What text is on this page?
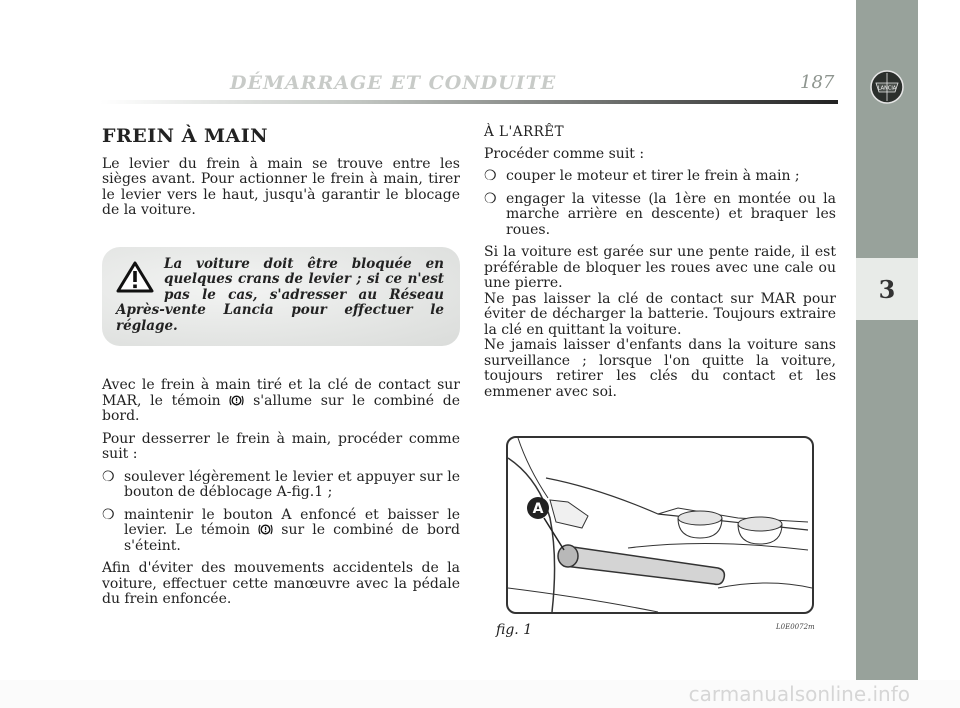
LANCIA
3
DÉMARRAGE ET CONDUITE	187
FREIN À MAIN

Le levier du frein à main se trouve entre les sièges avant. Pour actionner le frein à main, tirer le levier vers le haut, jusqu'à garantir le blocage de la voiture.

La voiture doit être bloquée en quelques crans de levier ; si ce n'est pas le cas, s'adresser au Réseau Après-vente Lancia pour effectuer le réglage.

Avec le frein à main tiré et la clé de contact sur MAR, le témoin s'allume sur le combiné de bord.

Pour desserrer le frein à main, procéder comme suit :

❍ soulever légèrement le levier et appuyer sur le bouton de déblocage A-fig.1 ;
❍ maintenir le bouton A enfoncé et baisser le levier. Le témoin sur le combiné de bord s'éteint.

Afin d'éviter des mouvements accidentels de la voiture, effectuer cette manœuvre avec la pédale du frein enfoncée.

À L'ARRÊT

Procéder comme suit :

❍ couper le moteur et tirer le frein à main ;
❍ engager la vitesse (la 1ère en montée ou la marche arrière en descente) et braquer les roues.

Si la voiture est garée sur une pente raide, il est préférable de bloquer les roues avec une cale ou une pierre.

Ne pas laisser la clé de contact sur MAR pour éviter de décharger la batterie. Toujours extraire la clé en quittant la voiture.

Ne jamais laisser d'enfants dans la voiture sans surveillance ; lorsque l'on quitte la voiture, toujours retirer les clés du contact et les emmener avec soi.

A
fig. 1	L0E0072m
carmanualsonline.info
